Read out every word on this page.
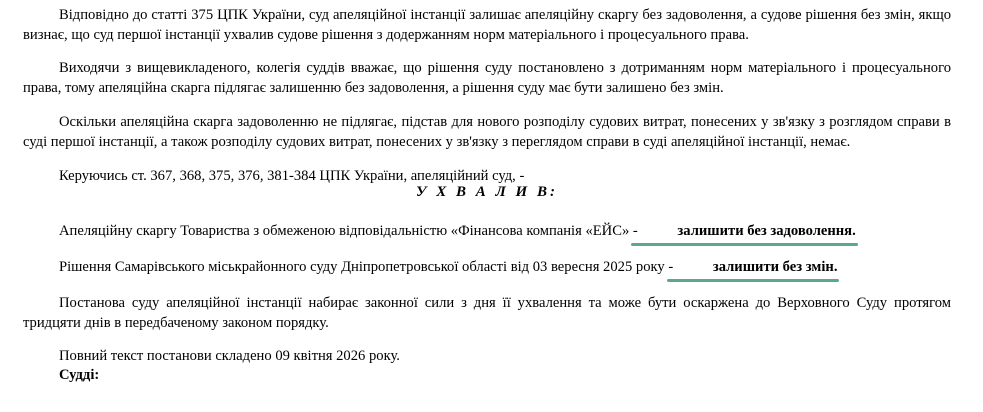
Відповідно до статті 375 ЦПК України, суд апеляційної інстанції залишає апеляційну скаргу без задоволення, а судове рішення без змін, якщо визнає, що суд першої інстанції ухвалив судове рішення з додержанням норм матеріального і процесуального права.

Виходячи з вищевикладеного, колегія суддів вважає, що рішення суду постановлено з дотриманням норм матеріального і процесуального права, тому апеляційна скарга підлягає залишенню без задоволення, а рішення суду має бути залишено без змін.

Оскільки апеляційна скарга задоволенню не підлягає, підстав для нового розподілу судових витрат, понесених у зв'язку з розглядом справи в суді першої інстанції, а також розподілу судових витрат, понесених у зв'язку з переглядом справи в суді апеляційної інстанції, немає.

Керуючись ст. 367, 368, 375, 376, 381-384 ЦПК України, апеляційний суд, -

У Х В А Л И В:

Апеляційну скаргу Товариства з обмеженою відповідальністю «Фінансова компанія «ЕЙС» - залишити без задоволення.

Рішення Самарівського міськрайонного суду Дніпропетровської області від 03 вересня 2025 року - залишити без змін.

Постанова суду апеляційної інстанції набирає законної сили з дня її ухвалення та може бути оскаржена до Верховного Суду протягом тридцяти днів в передбаченому законом порядку.

Повний текст постанови складено 09 квітня 2026 року.

Судді:
